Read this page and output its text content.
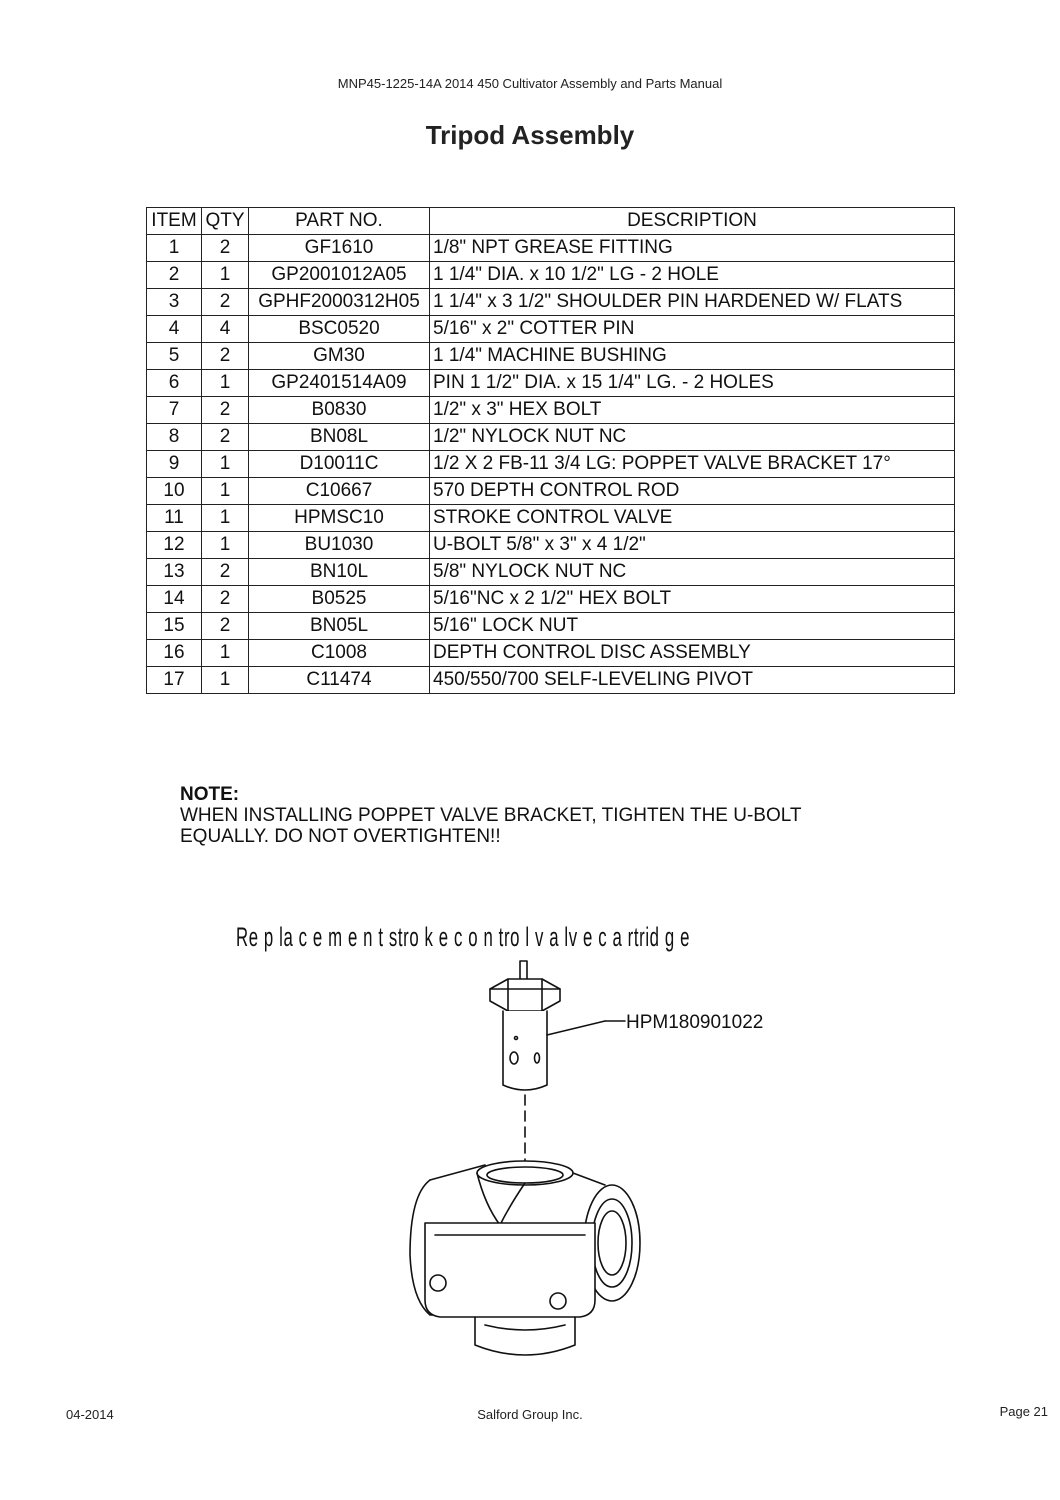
MNP45-1225-14A 2014 450 Cultivator Assembly and Parts Manual
Tripod Assembly
ITEM	QTY	PART NO.	DESCRIPTION
1	2	GF1610	1/8" NPT GREASE FITTING
2	1	GP2001012A05	1 1/4" DIA. x 10 1/2" LG - 2 HOLE
3	2	GPHF2000312H05	1 1/4" x 3 1/2" SHOULDER PIN HARDENED W/ FLATS
4	4	BSC0520	5/16" x 2" COTTER PIN
5	2	GM30	1 1/4" MACHINE BUSHING
6	1	GP2401514A09	PIN 1 1/2" DIA. x 15 1/4" LG. - 2 HOLES
7	2	B0830	1/2" x 3" HEX BOLT
8	2	BN08L	1/2" NYLOCK NUT NC
9	1	D10011C	1/2 X 2 FB-11 3/4 LG: POPPET VALVE BRACKET 17°
10	1	C10667	570 DEPTH CONTROL ROD
11	1	HPMSC10	STROKE CONTROL VALVE
12	1	BU1030	U-BOLT 5/8" x 3" x 4 1/2"
13	2	BN10L	5/8" NYLOCK NUT NC
14	2	B0525	5/16"NC x 2 1/2" HEX BOLT
15	2	BN05L	5/16" LOCK NUT
16	1	C1008	DEPTH CONTROL DISC ASSEMBLY
17	1	C11474	450/550/700 SELF-LEVELING PIVOT
NOTE:
WHEN INSTALLING POPPET VALVE BRACKET, TIGHTEN THE U-BOLT
EQUALLY. DO NOT OVERTIGHTEN!!
Re p la c e m e n t stro k e c o n tro l v a lv e c a rtrid g e
HPM180901022
04-2014	Salford Group Inc.	Page 21
